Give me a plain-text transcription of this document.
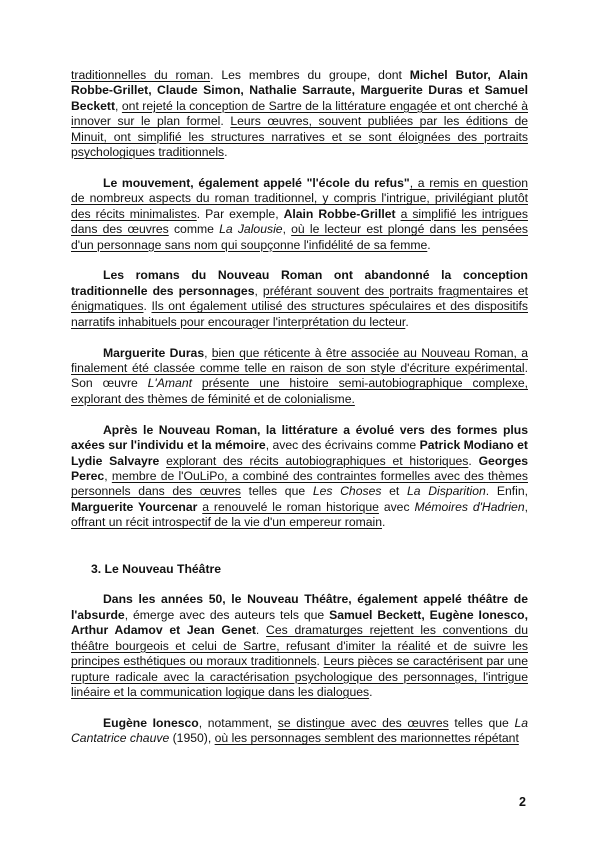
traditionnelles du roman. Les membres du groupe, dont Michel Butor, Alain Robbe-Grillet, Claude Simon, Nathalie Sarraute, Marguerite Duras et Samuel Beckett, ont rejeté la conception de Sartre de la littérature engagée et ont cherché à innover sur le plan formel. Leurs œuvres, souvent publiées par les éditions de Minuit, ont simplifié les structures narratives et se sont éloignées des portraits psychologiques traditionnels.

Le mouvement, également appelé "l'école du refus", a remis en question de nombreux aspects du roman traditionnel, y compris l'intrigue, privilégiant plutôt des récits minimalistes. Par exemple, Alain Robbe-Grillet a simplifié les intrigues dans des œuvres comme La Jalousie, où le lecteur est plongé dans les pensées d'un personnage sans nom qui soupçonne l'infidélité de sa femme.

Les romans du Nouveau Roman ont abandonné la conception traditionnelle des personnages, préférant souvent des portraits fragmentaires et énigmatiques. Ils ont également utilisé des structures spéculaires et des dispositifs narratifs inhabituels pour encourager l'interprétation du lecteur.

Marguerite Duras, bien que réticente à être associée au Nouveau Roman, a finalement été classée comme telle en raison de son style d'écriture expérimental. Son œuvre L'Amant présente une histoire semi-autobiographique complexe, explorant des thèmes de féminité et de colonialisme.

Après le Nouveau Roman, la littérature a évolué vers des formes plus axées sur l'individu et la mémoire, avec des écrivains comme Patrick Modiano et Lydie Salvayre explorant des récits autobiographiques et historiques. Georges Perec, membre de l'OuLiPo, a combiné des contraintes formelles avec des thèmes personnels dans des œuvres telles que Les Choses et La Disparition. Enfin, Marguerite Yourcenar a renouvelé le roman historique avec Mémoires d'Hadrien, offrant un récit introspectif de la vie d'un empereur romain.

3. Le Nouveau Théâtre

Dans les années 50, le Nouveau Théâtre, également appelé théâtre de l'absurde, émerge avec des auteurs tels que Samuel Beckett, Eugène Ionesco, Arthur Adamov et Jean Genet. Ces dramaturges rejettent les conventions du théâtre bourgeois et celui de Sartre, refusant d'imiter la réalité et de suivre les principes esthétiques ou moraux traditionnels. Leurs pièces se caractérisent par une rupture radicale avec la caractérisation psychologique des personnages, l'intrigue linéaire et la communication logique dans les dialogues.

Eugène Ionesco, notamment, se distingue avec des œuvres telles que La Cantatrice chauve (1950), où les personnages semblent des marionnettes répétant

2
